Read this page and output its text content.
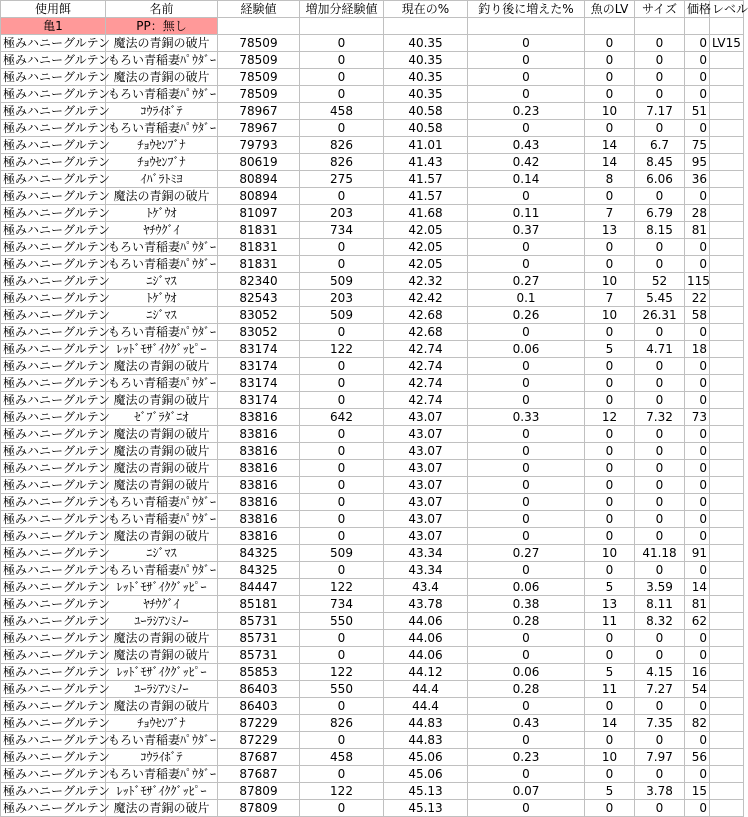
使用餌	名前	経験値	増加分経験値	現在の%	釣り後に増えた%	魚のLV	サイズ	価格	レベル
亀1	PP：無し								
極みハニーグルテン	魔法の青銅の破片	78509	0	40.35	0	0	0	0	LV15
極みハニーグルテン	もろい青稲妻ﾊﾟｳﾀﾞｰ	78509	0	40.35	0	0	0	0	
極みハニーグルテン	魔法の青銅の破片	78509	0	40.35	0	0	0	0	
極みハニーグルテン	もろい青稲妻ﾊﾟｳﾀﾞｰ	78509	0	40.35	0	0	0	0	
極みハニーグルテン	ｺｳﾗｲﾎﾞﾃ	78967	458	40.58	0.23	10	7.17	51	
極みハニーグルテン	もろい青稲妻ﾊﾟｳﾀﾞｰ	78967	0	40.58	0	0	0	0	
極みハニーグルテン	ﾁｮｳｾﾝﾌﾞﾅ	79793	826	41.01	0.43	14	6.7	75	
極みハニーグルテン	ﾁｮｳｾﾝﾌﾞﾅ	80619	826	41.43	0.42	14	8.45	95	
極みハニーグルテン	ｲﾊﾞﾗﾄﾐﾖ	80894	275	41.57	0.14	8	6.06	36	
極みハニーグルテン	魔法の青銅の破片	80894	0	41.57	0	0	0	0	
極みハニーグルテン	ﾄｹﾞｳｵ	81097	203	41.68	0.11	7	6.79	28	
極みハニーグルテン	ﾔﾁｳｸﾞｲ	81831	734	42.05	0.37	13	8.15	81	
極みハニーグルテン	もろい青稲妻ﾊﾟｳﾀﾞｰ	81831	0	42.05	0	0	0	0	
極みハニーグルテン	もろい青稲妻ﾊﾟｳﾀﾞｰ	81831	0	42.05	0	0	0	0	
極みハニーグルテン	ﾆｼﾞﾏｽ	82340	509	42.32	0.27	10	52	115	
極みハニーグルテン	ﾄｹﾞｳｵ	82543	203	42.42	0.1	7	5.45	22	
極みハニーグルテン	ﾆｼﾞﾏｽ	83052	509	42.68	0.26	10	26.31	58	
極みハニーグルテン	もろい青稲妻ﾊﾟｳﾀﾞｰ	83052	0	42.68	0	0	0	0	
極みハニーグルテン	ﾚｯﾄﾞﾓｻﾞｲｸｸﾞｯﾋﾟｰ	83174	122	42.74	0.06	5	4.71	18	
極みハニーグルテン	魔法の青銅の破片	83174	0	42.74	0	0	0	0	
極みハニーグルテン	もろい青稲妻ﾊﾟｳﾀﾞｰ	83174	0	42.74	0	0	0	0	
極みハニーグルテン	魔法の青銅の破片	83174	0	42.74	0	0	0	0	
極みハニーグルテン	ｾﾞﾌﾞﾗﾀﾞﾆｵ	83816	642	43.07	0.33	12	7.32	73	
極みハニーグルテン	魔法の青銅の破片	83816	0	43.07	0	0	0	0	
極みハニーグルテン	魔法の青銅の破片	83816	0	43.07	0	0	0	0	
極みハニーグルテン	魔法の青銅の破片	83816	0	43.07	0	0	0	0	
極みハニーグルテン	魔法の青銅の破片	83816	0	43.07	0	0	0	0	
極みハニーグルテン	もろい青稲妻ﾊﾟｳﾀﾞｰ	83816	0	43.07	0	0	0	0	
極みハニーグルテン	もろい青稲妻ﾊﾟｳﾀﾞｰ	83816	0	43.07	0	0	0	0	
極みハニーグルテン	魔法の青銅の破片	83816	0	43.07	0	0	0	0	
極みハニーグルテン	ﾆｼﾞﾏｽ	84325	509	43.34	0.27	10	41.18	91	
極みハニーグルテン	もろい青稲妻ﾊﾟｳﾀﾞｰ	84325	0	43.34	0	0	0	0	
極みハニーグルテン	ﾚｯﾄﾞﾓｻﾞｲｸｸﾞｯﾋﾟｰ	84447	122	43.4	0.06	5	3.59	14	
極みハニーグルテン	ﾔﾁｳｸﾞｲ	85181	734	43.78	0.38	13	8.11	81	
極みハニーグルテン	ﾕｰﾗｼｱﾝﾐﾉｰ	85731	550	44.06	0.28	11	8.32	62	
極みハニーグルテン	魔法の青銅の破片	85731	0	44.06	0	0	0	0	
極みハニーグルテン	魔法の青銅の破片	85731	0	44.06	0	0	0	0	
極みハニーグルテン	ﾚｯﾄﾞﾓｻﾞｲｸｸﾞｯﾋﾟｰ	85853	122	44.12	0.06	5	4.15	16	
極みハニーグルテン	ﾕｰﾗｼｱﾝﾐﾉｰ	86403	550	44.4	0.28	11	7.27	54	
極みハニーグルテン	魔法の青銅の破片	86403	0	44.4	0	0	0	0	
極みハニーグルテン	ﾁｮｳｾﾝﾌﾞﾅ	87229	826	44.83	0.43	14	7.35	82	
極みハニーグルテン	もろい青稲妻ﾊﾟｳﾀﾞｰ	87229	0	44.83	0	0	0	0	
極みハニーグルテン	ｺｳﾗｲﾎﾞﾃ	87687	458	45.06	0.23	10	7.97	56	
極みハニーグルテン	もろい青稲妻ﾊﾟｳﾀﾞｰ	87687	0	45.06	0	0	0	0	
極みハニーグルテン	ﾚｯﾄﾞﾓｻﾞｲｸｸﾞｯﾋﾟｰ	87809	122	45.13	0.07	5	3.78	15	
極みハニーグルテン	魔法の青銅の破片	87809	0	45.13	0	0	0	0	
